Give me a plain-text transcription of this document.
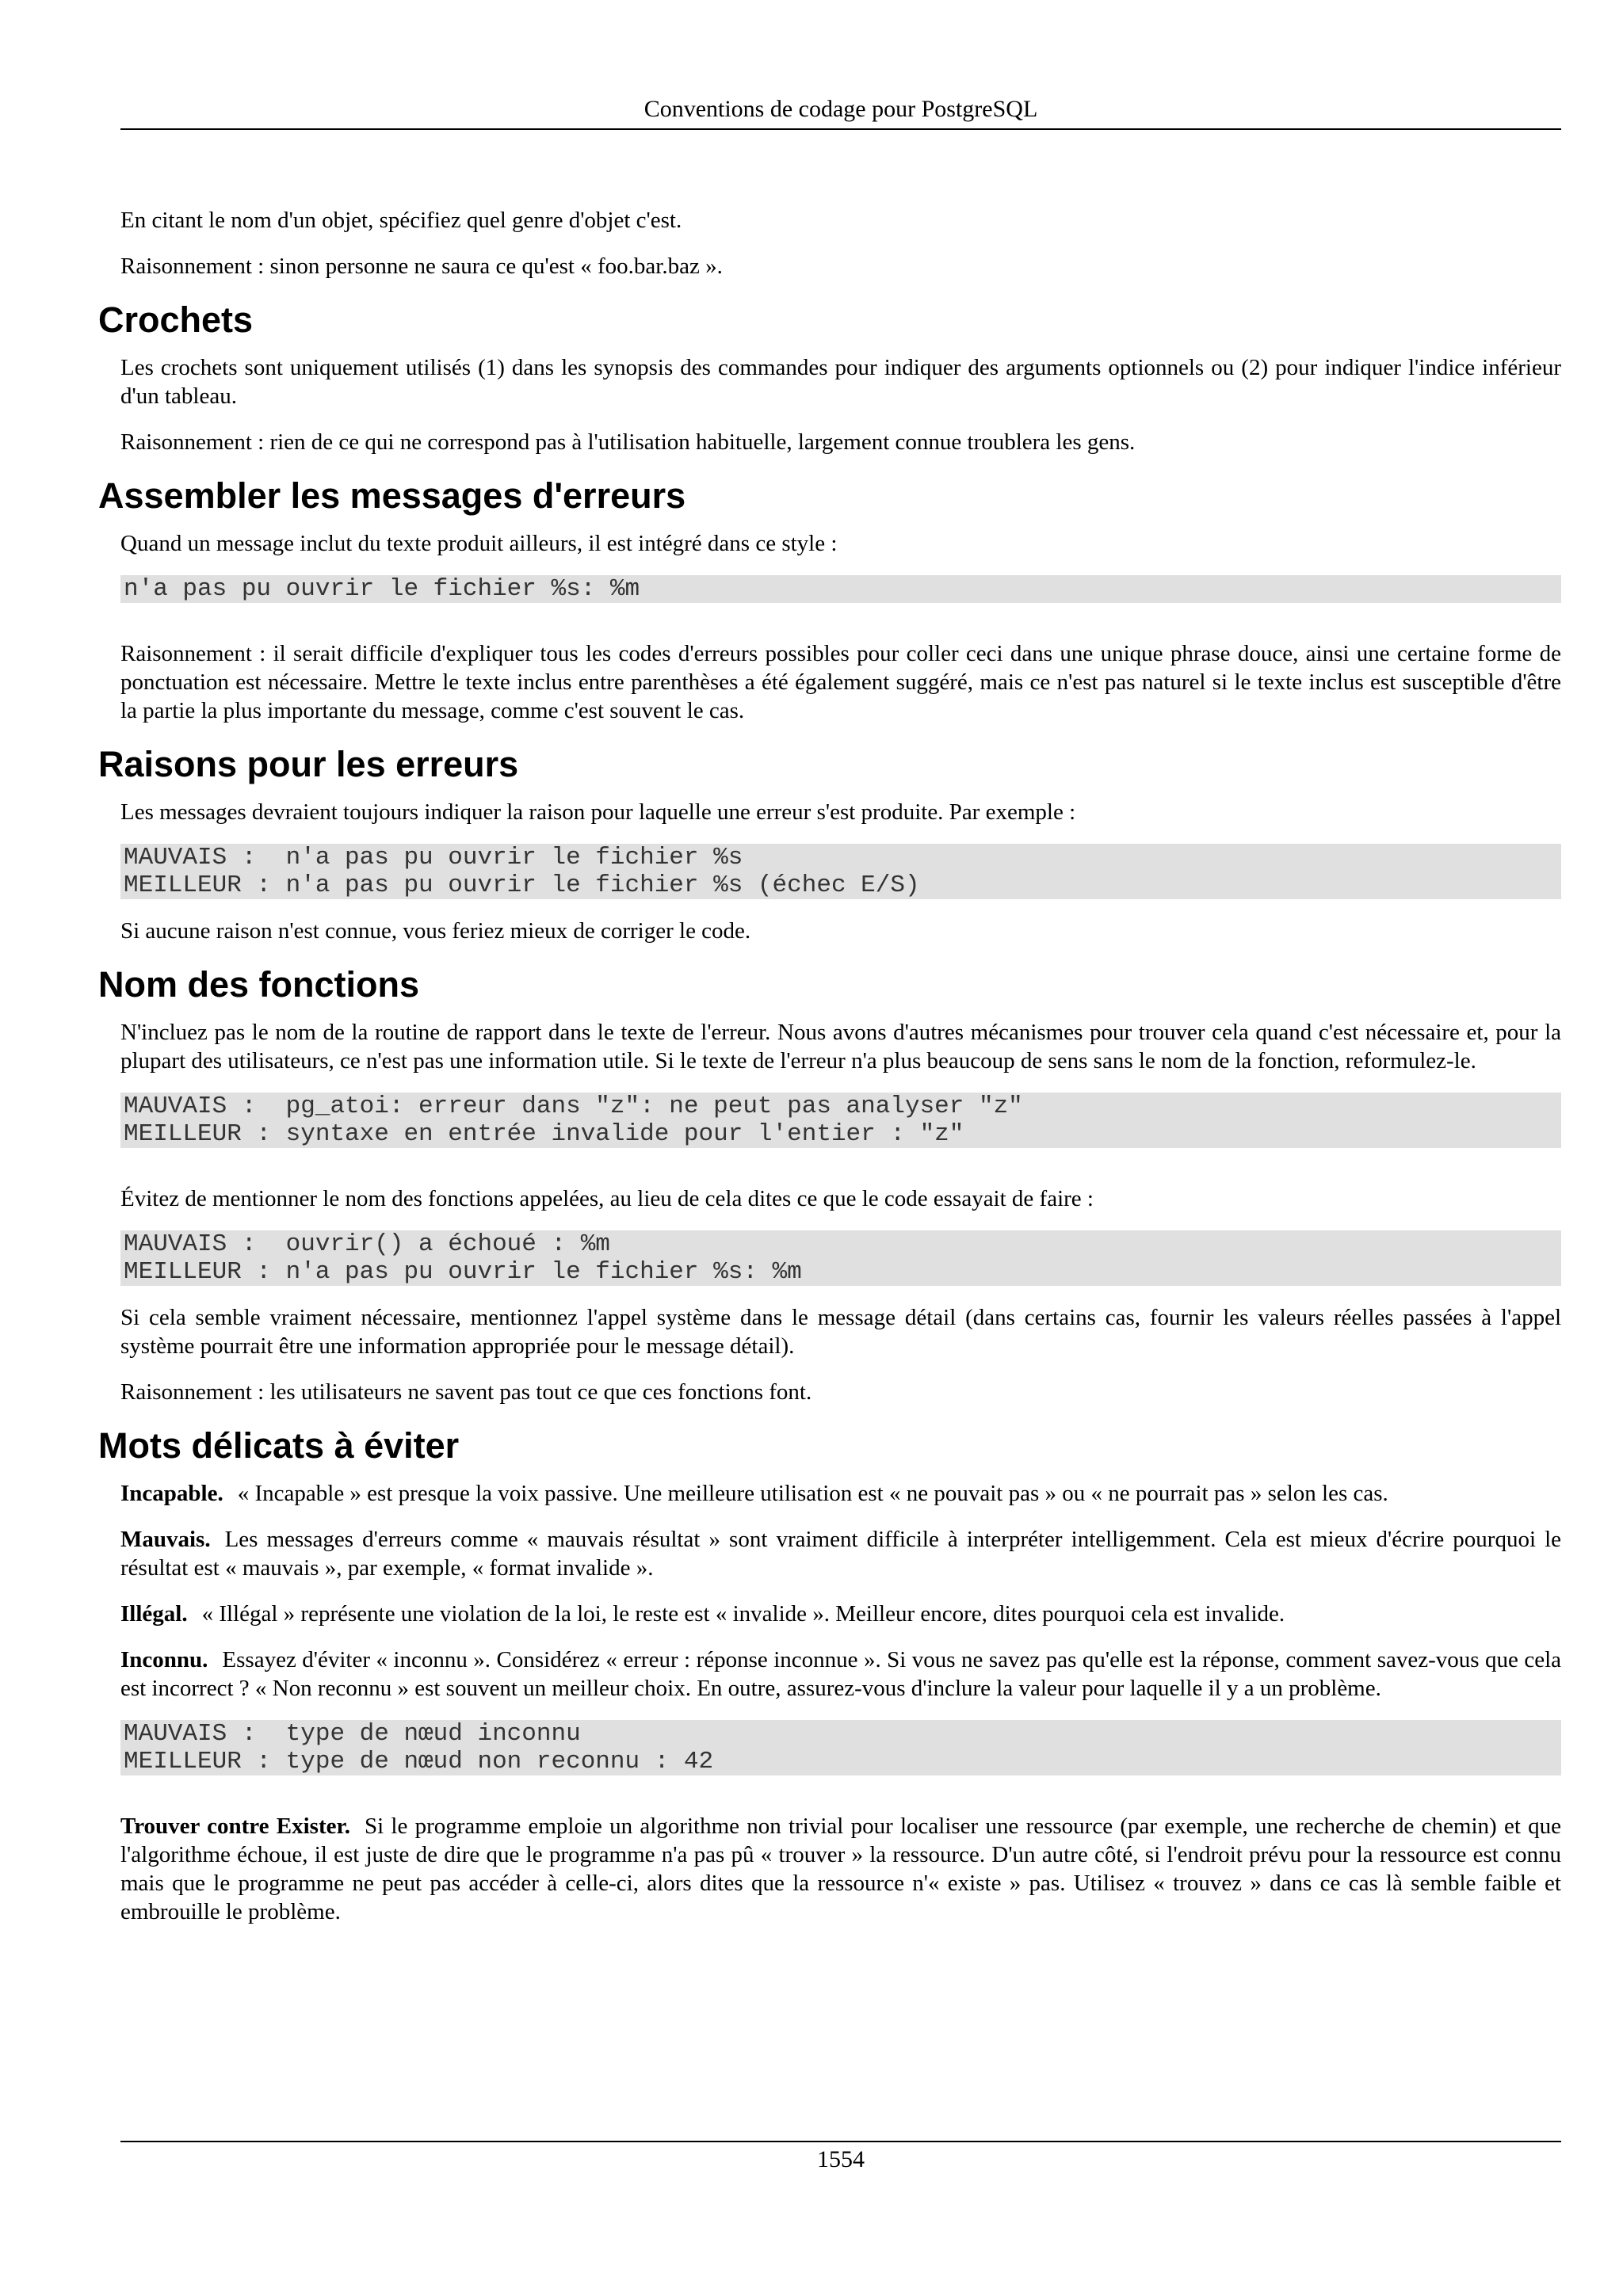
Conventions de codage pour PostgreSQL

En citant le nom d'un objet, spécifiez quel genre d'objet c'est.

Raisonnement : sinon personne ne saura ce qu'est « foo.bar.baz ».

Crochets

Les crochets sont uniquement utilisés (1) dans les synopsis des commandes pour indiquer des arguments optionnels ou (2) pour indiquer l'indice inférieur d'un tableau.

Raisonnement : rien de ce qui ne correspond pas à l'utilisation habituelle, largement connue troublera les gens.

Assembler les messages d'erreurs

Quand un message inclut du texte produit ailleurs, il est intégré dans ce style :

n'a pas pu ouvrir le fichier %s: %m

Raisonnement : il serait difficile d'expliquer tous les codes d'erreurs possibles pour coller ceci dans une unique phrase douce, ainsi une certaine forme de ponctuation est nécessaire. Mettre le texte inclus entre parenthèses a été également suggéré, mais ce n'est pas naturel si le texte inclus est susceptible d'être la partie la plus importante du message, comme c'est souvent le cas.

Raisons pour les erreurs

Les messages devraient toujours indiquer la raison pour laquelle une erreur s'est produite. Par exemple :

MAUVAIS :  n'a pas pu ouvrir le fichier %s
MEILLEUR : n'a pas pu ouvrir le fichier %s (échec E/S)

Si aucune raison n'est connue, vous feriez mieux de corriger le code.

Nom des fonctions

N'incluez pas le nom de la routine de rapport dans le texte de l'erreur. Nous avons d'autres mécanismes pour trouver cela quand c'est nécessaire et, pour la plupart des utilisateurs, ce n'est pas une information utile. Si le texte de l'erreur n'a plus beaucoup de sens sans le nom de la fonction, reformulez-le.

MAUVAIS :  pg_atoi: erreur dans "z": ne peut pas analyser "z"
MEILLEUR : syntaxe en entrée invalide pour l'entier : "z"

Évitez de mentionner le nom des fonctions appelées, au lieu de cela dites ce que le code essayait de faire :

MAUVAIS :  ouvrir() a échoué : %m
MEILLEUR : n'a pas pu ouvrir le fichier %s: %m

Si cela semble vraiment nécessaire, mentionnez l'appel système dans le message détail (dans certains cas, fournir les valeurs réelles passées à l'appel système pourrait être une information appropriée pour le message détail).

Raisonnement : les utilisateurs ne savent pas tout ce que ces fonctions font.

Mots délicats à éviter

Incapable. « Incapable » est presque la voix passive. Une meilleure utilisation est « ne pouvait pas » ou « ne pourrait pas » selon les cas.

Mauvais. Les messages d'erreurs comme « mauvais résultat » sont vraiment difficile à interpréter intelligemment. Cela est mieux d'écrire pourquoi le résultat est « mauvais », par exemple, « format invalide ».

Illégal. « Illégal » représente une violation de la loi, le reste est « invalide ». Meilleur encore, dites pourquoi cela est invalide.

Inconnu. Essayez d'éviter « inconnu ». Considérez « erreur : réponse inconnue ». Si vous ne savez pas qu'elle est la réponse, comment savez-vous que cela est incorrect ? « Non reconnu » est souvent un meilleur choix. En outre, assurez-vous d'inclure la valeur pour laquelle il y a un problème.

MAUVAIS :  type de nœud inconnu
MEILLEUR : type de nœud non reconnu : 42

Trouver contre Exister. Si le programme emploie un algorithme non trivial pour localiser une ressource (par exemple, une recherche de chemin) et que l'algorithme échoue, il est juste de dire que le programme n'a pas pû « trouver » la ressource. D'un autre côté, si l'endroit prévu pour la ressource est connu mais que le programme ne peut pas accéder à celle-ci, alors dites que la ressource n'« existe » pas. Utilisez « trouvez » dans ce cas là semble faible et embrouille le problème.

1554
